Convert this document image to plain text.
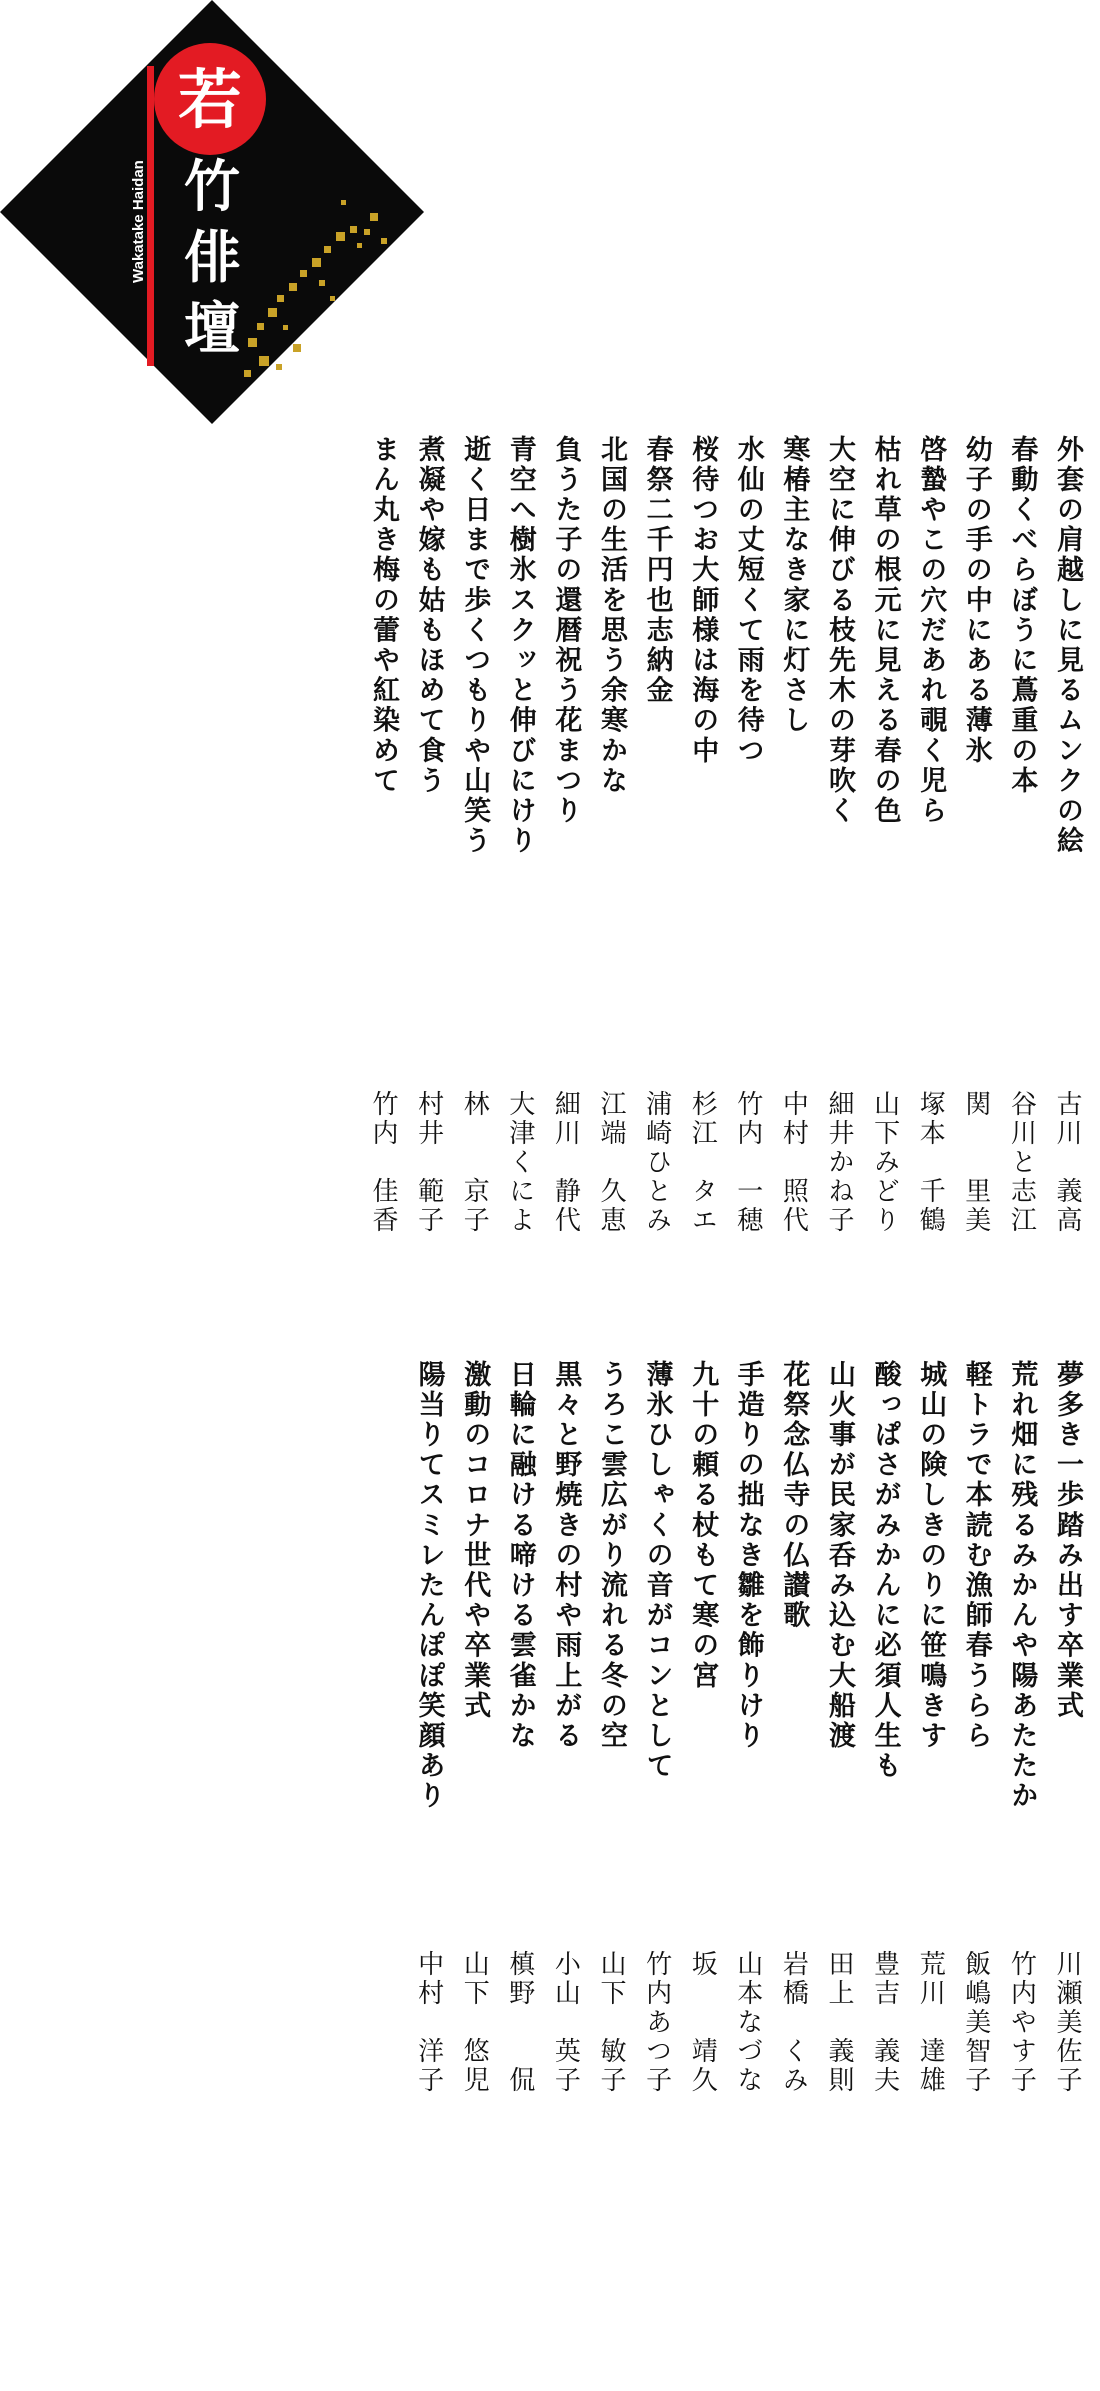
若
竹
俳
壇
Wakatake Haidan
外套の肩越しに見るムンクの絵
春動くべらぼうに蔦重の本
幼子の手の中にある薄氷
啓蟄やこの穴だあれ覗く児ら
枯れ草の根元に見える春の色
大空に伸びる枝先木の芽吹く
寒椿主なき家に灯さし
水仙の丈短くて雨を待つ
桜待つお大師様は海の中
春祭二千円也志納金
北国の生活を思う余寒かな
負うた子の還暦祝う花まつり
青空へ樹氷スクッと伸びにけり
逝く日まで歩くつもりや山笑う
煮凝や嫁も姑もほめて食う
まん丸き梅の蕾や紅染めて
古川　義高
谷川と志江
関　　里美
塚本　千鶴
山下みどり
細井かね子
中村　照代
竹内　一穂
杉江　タエ
浦崎ひとみ
江端　久恵
細川　静代
大津くによ
林　　京子
村井　範子
竹内　佳香
夢多き一歩踏み出す卒業式
荒れ畑に残るみかんや陽あたたか
軽トラで本読む漁師春うらら
城山の険しきのりに笹鳴きす
酸っぱさがみかんに必須人生も
山火事が民家呑み込む大船渡
花祭念仏寺の仏讃歌
手造りの拙なき雛を飾りけり
九十の頼る杖もて寒の宮
薄氷ひしゃくの音がコンとして
うろこ雲広がり流れる冬の空
黒々と野焼きの村や雨上がる
日輪に融ける啼ける雲雀かな
激動のコロナ世代や卒業式
陽当りてスミレたんぽぽ笑顔あり
川瀬美佐子
竹内やす子
飯嶋美智子
荒川　達雄
豊吉　義夫
田上　義則
岩橋　くみ
山本なづな
坂　　靖久
竹内あつ子
山下　敏子
小山　英子
槙野　　侃
山下　悠児
中村　洋子
